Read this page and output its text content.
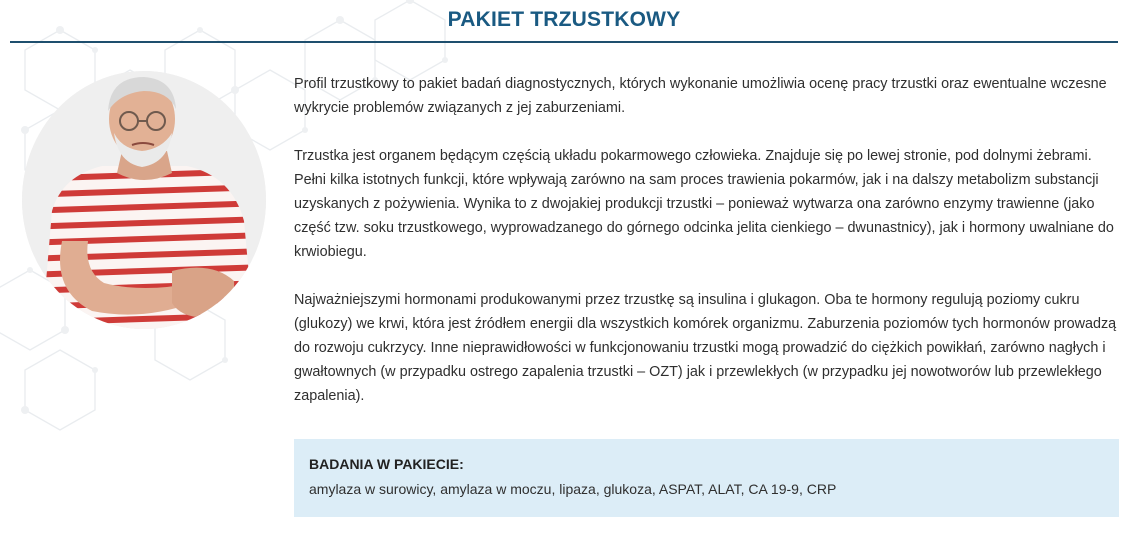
PAKIET TRZUSTKOWY

Profil trzustkowy to pakiet badań diagnostycznych, których wykonanie umożliwia ocenę pracy trzustki oraz ewentualne wczesne wykrycie problemów związanych z jej zaburzeniami.

Trzustka jest organem będącym częścią układu pokarmowego człowieka. Znajduje się po lewej stronie, pod dolnymi żebrami. Pełni kilka istotnych funkcji, które wpływają zarówno na sam proces trawienia pokarmów, jak i na dalszy metabolizm substancji uzyskanych z pożywienia. Wynika to z dwojakiej produkcji trzustki – ponieważ wytwarza ona zarówno enzymy trawienne (jako część tzw. soku trzustkowego, wyprowadzanego do górnego odcinka jelita cienkiego – dwunastnicy), jak i hormony uwalniane do krwiobiegu.

Najważniejszymi hormonami produkowanymi przez trzustkę są insulina i glukagon. Oba te hormony regulują poziomy cukru (glukozy) we krwi, która jest źródłem energii dla wszystkich komórek organizmu. Zaburzenia poziomów tych hormonów prowadzą do rozwoju cukrzycy. Inne nieprawidłowości w funkcjonowaniu trzustki mogą prowadzić do ciężkich powikłań, zarówno nagłych i gwałtownych (w przypadku ostrego zapalenia trzustki – OZT) jak i przewlekłych (w przypadku jej nowotworów lub przewlekłego zapalenia).

BADANIA W PAKIECIE:
amylaza w surowicy, amylaza w moczu, lipaza, glukoza, ASPAT, ALAT, CA 19-9, CRP
